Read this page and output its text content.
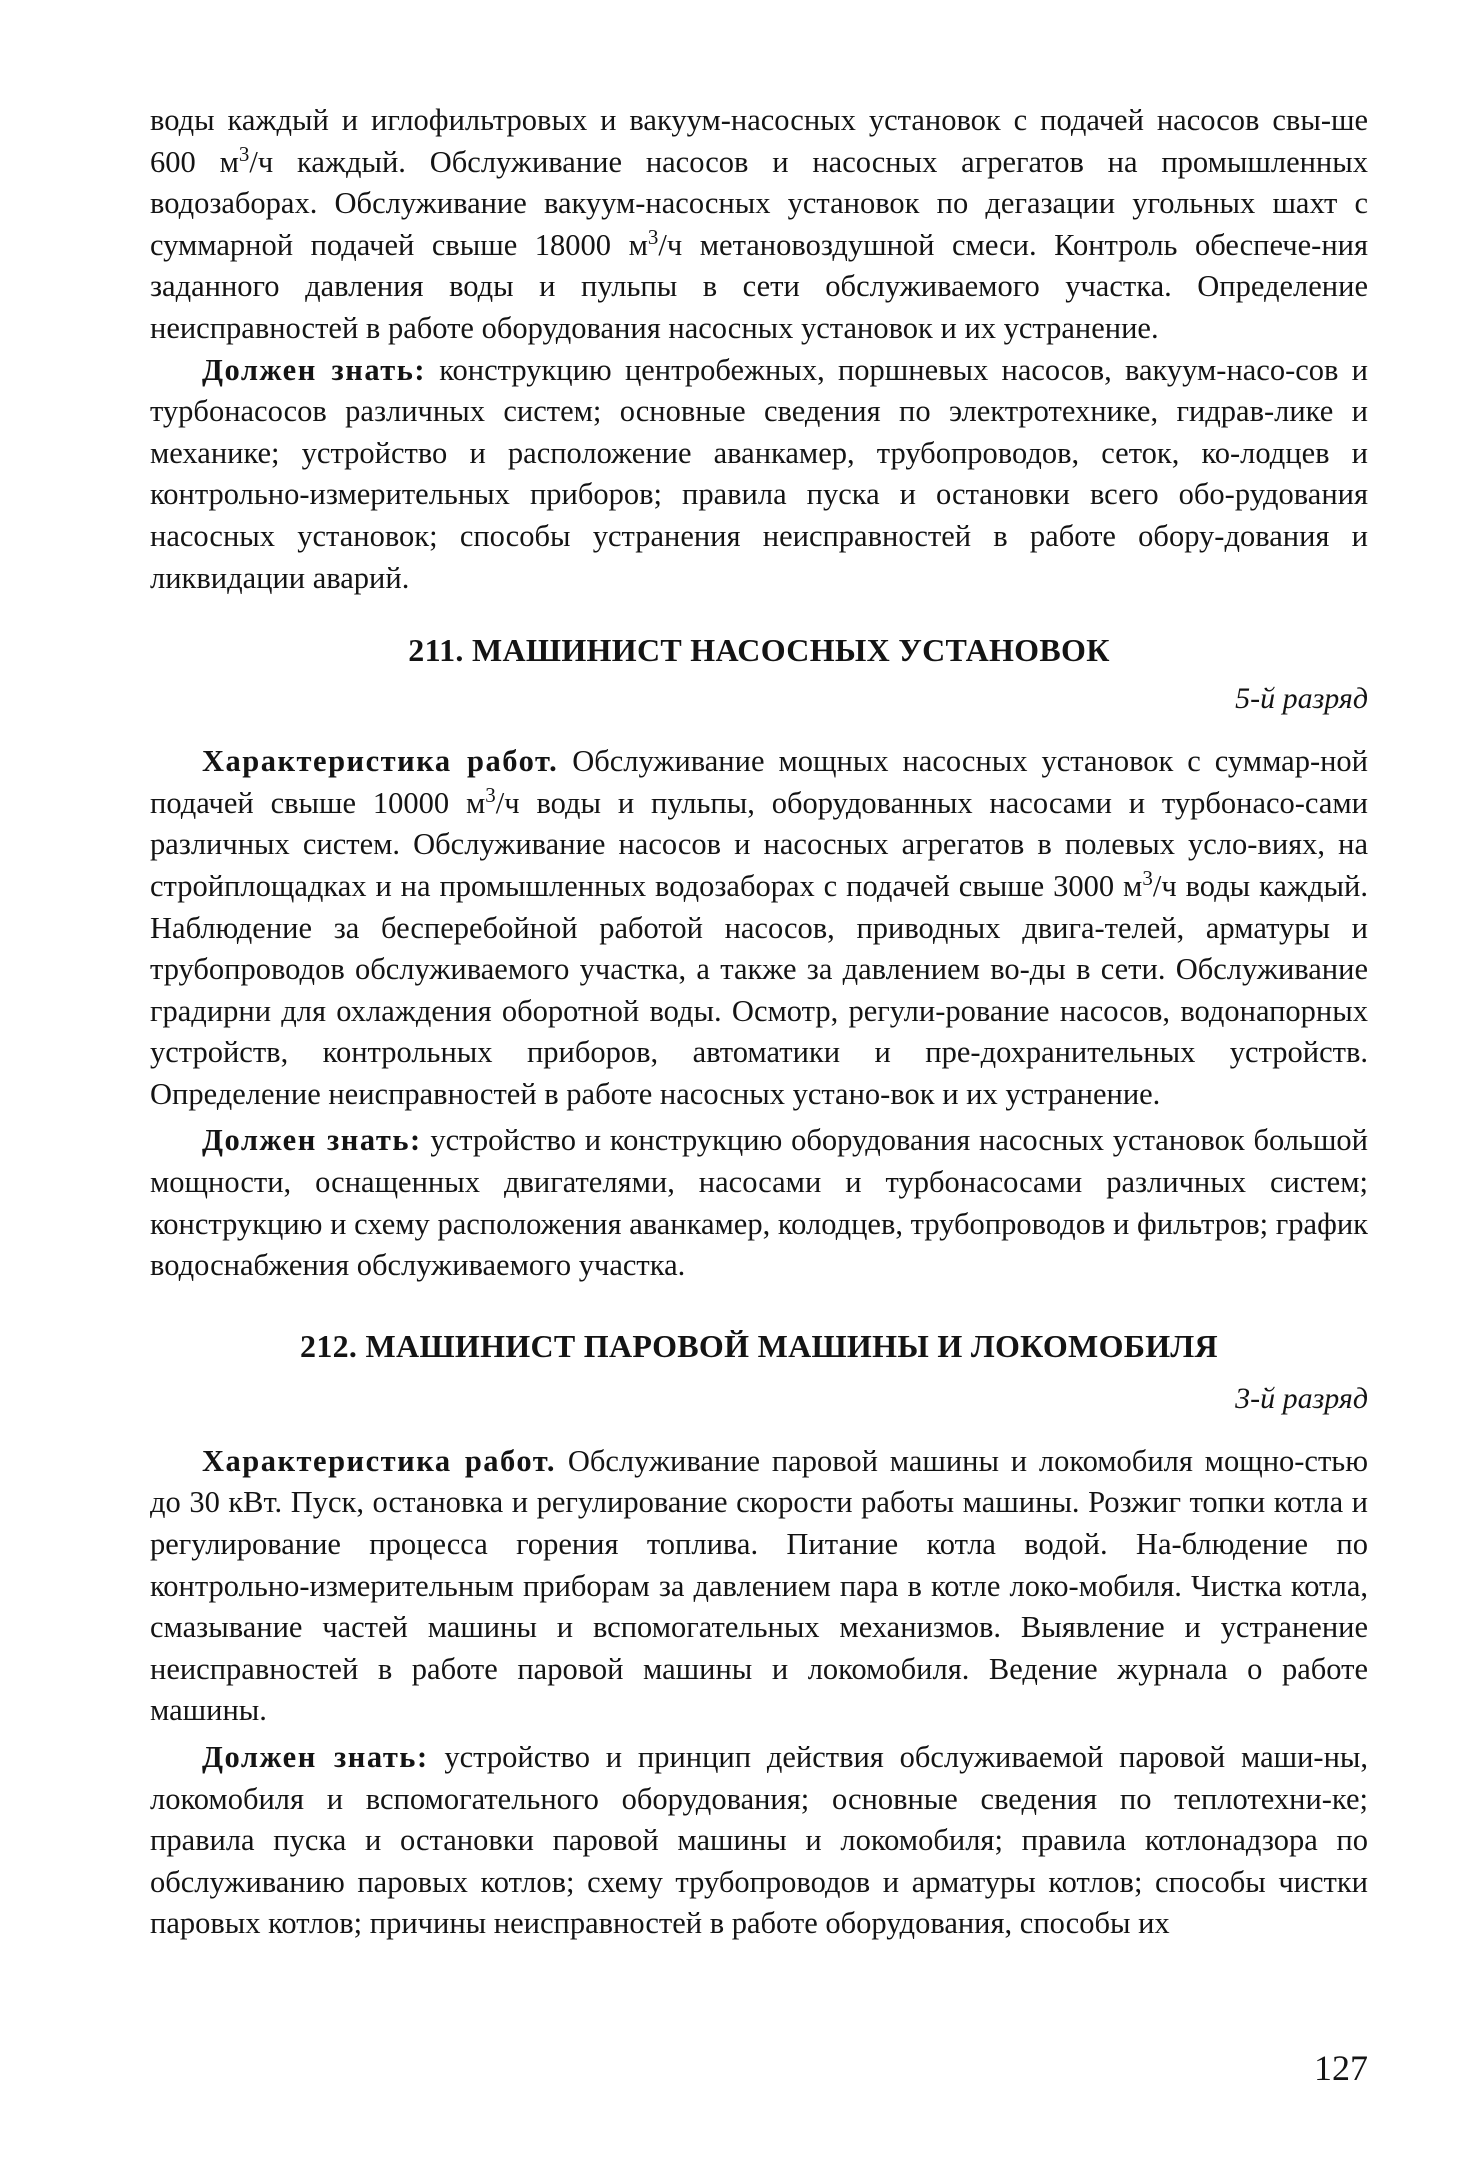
воды каждый и иглофильтровых и вакуум-насосных установок с подачей насосов свы-ше 600 $м^3/ч$ каждый. Обслуживание насосов и насосных агрегатов на промышленных водозаборах. Обслуживание вакуум-насосных установок по дегазации угольных шахт с суммарной подачей свыше 18000 $м^3/ч$ метановоздушной смеси. Контроль обеспече-ния заданного давления воды и пульпы в сети обслуживаемого участка. Определение неисправностей в работе оборудования насосных установок и их устранение.

Должен знать: конструкцию центробежных, поршневых насосов, вакуум-насо-сов и турбонасосов различных систем; основные сведения по электротехнике, гидрав-лике и механике; устройство и расположение аванкамер, трубопроводов, сеток, ко-лодцев и контрольно-измерительных приборов; правила пуска и остановки всего обо-рудования насосных установок; способы устранения неисправностей в работе обору-дования и ликвидации аварий.

211. МАШИНИСТ НАСОСНЫХ УСТАНОВОК
5-й разряд

Характеристика работ. Обслуживание мощных насосных установок с суммар-ной подачей свыше 10000 $м^3/ч$ воды и пульпы, оборудованных насосами и турбонасо-сами различных систем. Обслуживание насосов и насосных агрегатов в полевых усло-виях, на стройплощадках и на промышленных водозаборах с подачей свыше 3000 $м^3/ч$ воды каждый. Наблюдение за бесперебойной работой насосов, приводных двига-телей, арматуры и трубопроводов обслуживаемого участка, а также за давлением во-ды в сети. Обслуживание градирни для охлаждения оборотной воды. Осмотр, регули-рование насосов, водонапорных устройств, контрольных приборов, автоматики и пре-дохранительных устройств. Определение неисправностей в работе насосных устано-вок и их устранение.

Должен знать: устройство и конструкцию оборудования насосных установок большой мощности, оснащенных двигателями, насосами и турбонасосами различных систем; конструкцию и схему расположения аванкамер, колодцев, трубопроводов и фильтров; график водоснабжения обслуживаемого участка.

212. МАШИНИСТ ПАРОВОЙ МАШИНЫ И ЛОКОМОБИЛЯ
3-й разряд

Характеристика работ. Обслуживание паровой машины и локомобиля мощно-стью до 30 кВт. Пуск, остановка и регулирование скорости работы машины. Розжиг топки котла и регулирование процесса горения топлива. Питание котла водой. На-блюдение по контрольно-измерительным приборам за давлением пара в котле локо-мобиля. Чистка котла, смазывание частей машины и вспомогательных механизмов. Выявление и устранение неисправностей в работе паровой машины и локомобиля. Ведение журнала о работе машины.

Должен знать: устройство и принцип действия обслуживаемой паровой маши-ны, локомобиля и вспомогательного оборудования; основные сведения по теплотехни-ке; правила пуска и остановки паровой машины и локомобиля; правила котлонадзора по обслуживанию паровых котлов; схему трубопроводов и арматуры котлов; способы чистки паровых котлов; причины неисправностей в работе оборудования, способы их

127
